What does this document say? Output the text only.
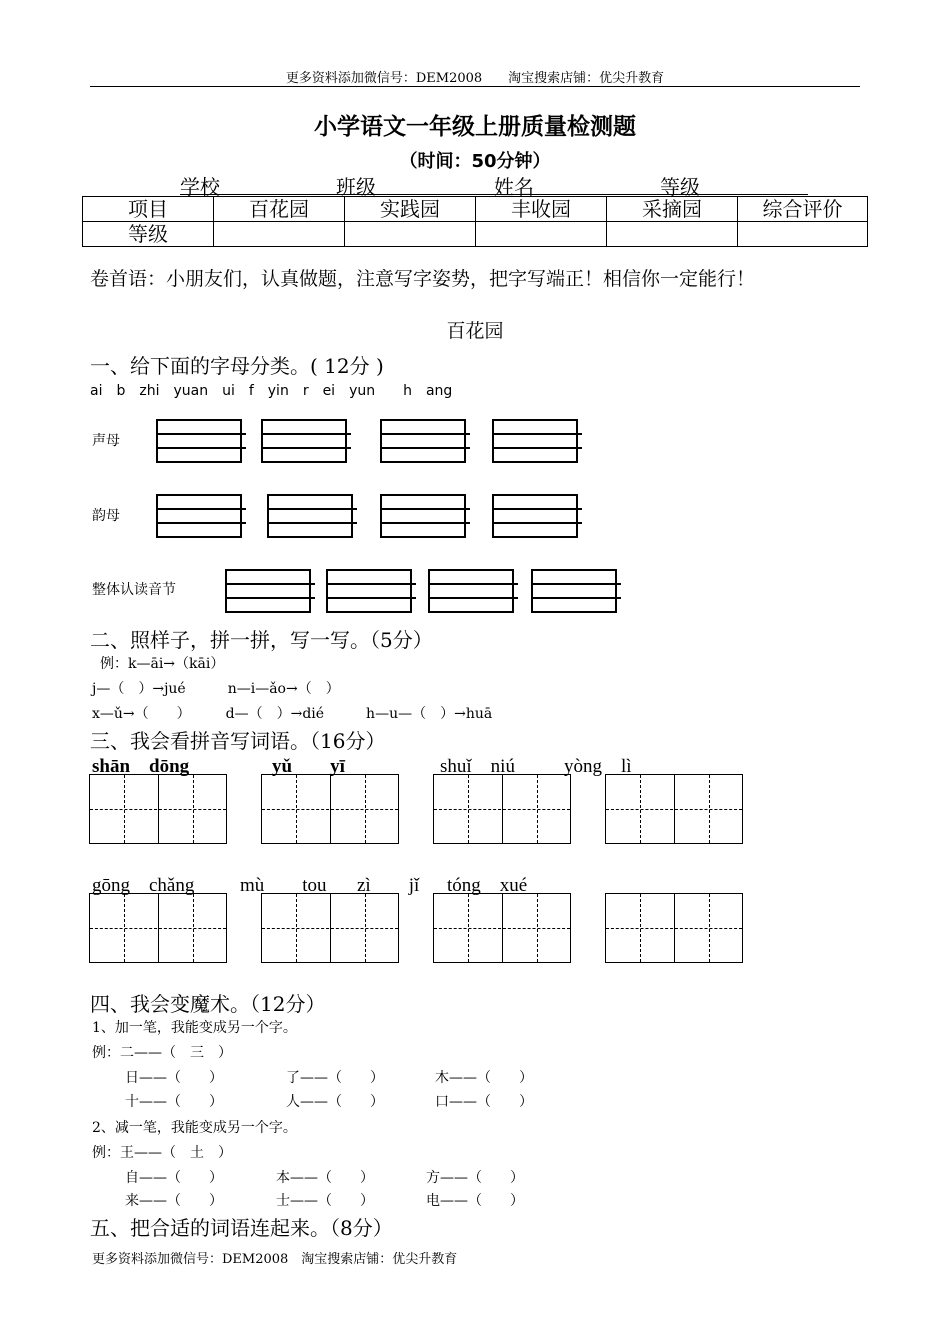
更多资料添加微信号：DEM2008　　淘宝搜索店铺：优尖升教育
小学语文一年级上册质量检测题
（时间：50分钟）
学校	班级	姓名	等级
项目	百花园	实践园	丰收园	采摘园	综合评价
等级					
卷首语：小朋友们，认真做题，注意写字姿势，把字写端正！相信你一定能行！
百花园
一、给下面的字母分类。( 12分 )
ai　b　zhi　yuan　ui　f　yin　r　ei　yun　　h　ang
声母
韵母
整体认读音节
二、照样子，拼一拼，写一写。（5分）
例：k—āi→（kāi）
j—（　）→jué　　　n—i—ǎo→（　）
x—ǔ→（　　）　　　d—（　）→dié　　　h—u—（　）→huā
三、我会看拼音写词语。（16分）
shān　dōng	yǔ　　yī	shuǐ　niú	yòng　lì
gōng　chǎng mù　　tou zì　　jǐ tóng　xué
四、我会变魔术。（12分）
1、加一笔，我能变成另一个字。
例：二——（　三　）
日——（　　）	了——（　　）	木——（　　）
十——（　　）	人——（　　）	口——（　　）
2、减一笔，我能变成另一个字。
例：王——（　土　）
自——（　　）	本——（　　）	方——（　　）
来——（　　）	士——（　　）	电——（　　）
五、把合适的词语连起来。（8分）
更多资料添加微信号：DEM2008　淘宝搜索店铺：优尖升教育
